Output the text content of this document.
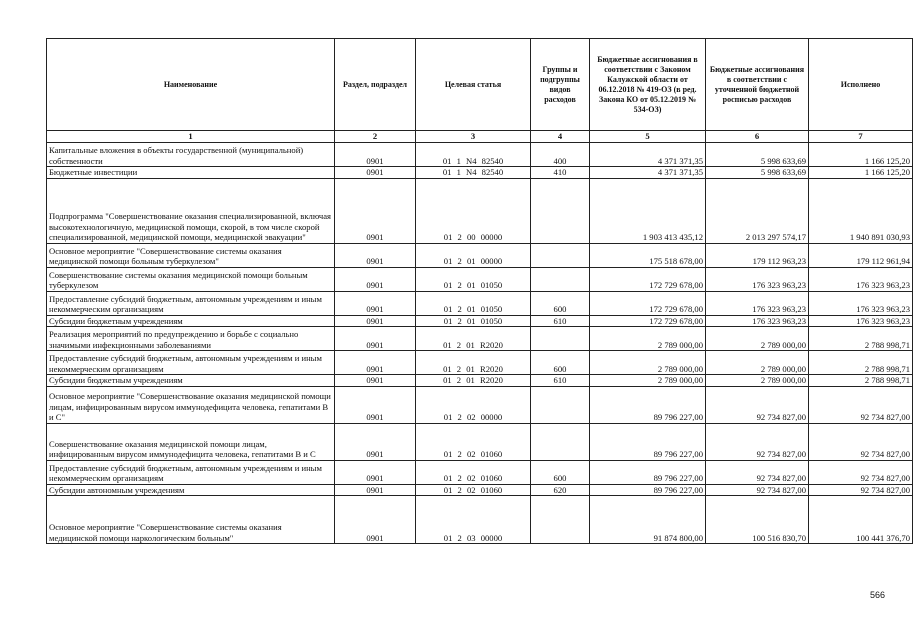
Наименование	Раздел, подраздел	Целевая статья	Группы и подгруппы видов расходов	Бюджетные ассигнования в соответствии с Законом Калужской области от 06.12.2018 № 419-ОЗ (в ред. Закона КО от 05.12.2019 № 534-ОЗ)	Бюджетные ассигнования в соответствии с уточненной бюджетной росписью расходов	Исполнено
1	2	3	4	5	6	7
Капитальные вложения в объекты государственной (муниципальной) собственности	0901	01 1 N4 82540	400	4 371 371,35	5 998 633,69	1 166 125,20
Бюджетные инвестиции	0901	01 1 N4 82540	410	4 371 371,35	5 998 633,69	1 166 125,20
Подпрограмма "Совершенствование оказания специализированной, включая высокотехнологичную, медицинской помощи, скорой, в том числе скорой специализированной, медицинской помощи, медицинской эвакуации"	0901	01 2 00 00000		1 903 413 435,12	2 013 297 574,17	1 940 891 030,93
Основное мероприятие "Совершенствование системы оказания медицинской помощи больным туберкулезом"	0901	01 2 01 00000		175 518 678,00	179 112 963,23	179 112 961,94
Совершенствование системы оказания медицинской помощи больным туберкулезом	0901	01 2 01 01050		172 729 678,00	176 323 963,23	176 323 963,23
Предоставление субсидий бюджетным, автономным учреждениям и иным некоммерческим организациям	0901	01 2 01 01050	600	172 729 678,00	176 323 963,23	176 323 963,23
Субсидии бюджетным учреждениям	0901	01 2 01 01050	610	172 729 678,00	176 323 963,23	176 323 963,23
Реализация мероприятий по предупреждению и борьбе с социально значимыми инфекционными заболеваниями	0901	01 2 01 R2020		2 789 000,00	2 789 000,00	2 788 998,71
Предоставление субсидий бюджетным, автономным учреждениям и иным некоммерческим организациям	0901	01 2 01 R2020	600	2 789 000,00	2 789 000,00	2 788 998,71
Субсидии бюджетным учреждениям	0901	01 2 01 R2020	610	2 789 000,00	2 789 000,00	2 788 998,71
Основное мероприятие "Совершенствование оказания медицинской помощи лицам, инфицированным вирусом иммунодефицита человека, гепатитами В и С"	0901	01 2 02 00000		89 796 227,00	92 734 827,00	92 734 827,00
Совершенствование оказания медицинской помощи лицам, инфицированным вирусом иммунодефицита человека, гепатитами В и С	0901	01 2 02 01060		89 796 227,00	92 734 827,00	92 734 827,00
Предоставление субсидий бюджетным, автономным учреждениям и иным некоммерческим организациям	0901	01 2 02 01060	600	89 796 227,00	92 734 827,00	92 734 827,00
Субсидии автономным учреждениям	0901	01 2 02 01060	620	89 796 227,00	92 734 827,00	92 734 827,00
Основное мероприятие "Совершенствование системы оказания медицинской помощи наркологическим больным"	0901	01 2 03 00000		91 874 800,00	100 516 830,70	100 441 376,70
566
